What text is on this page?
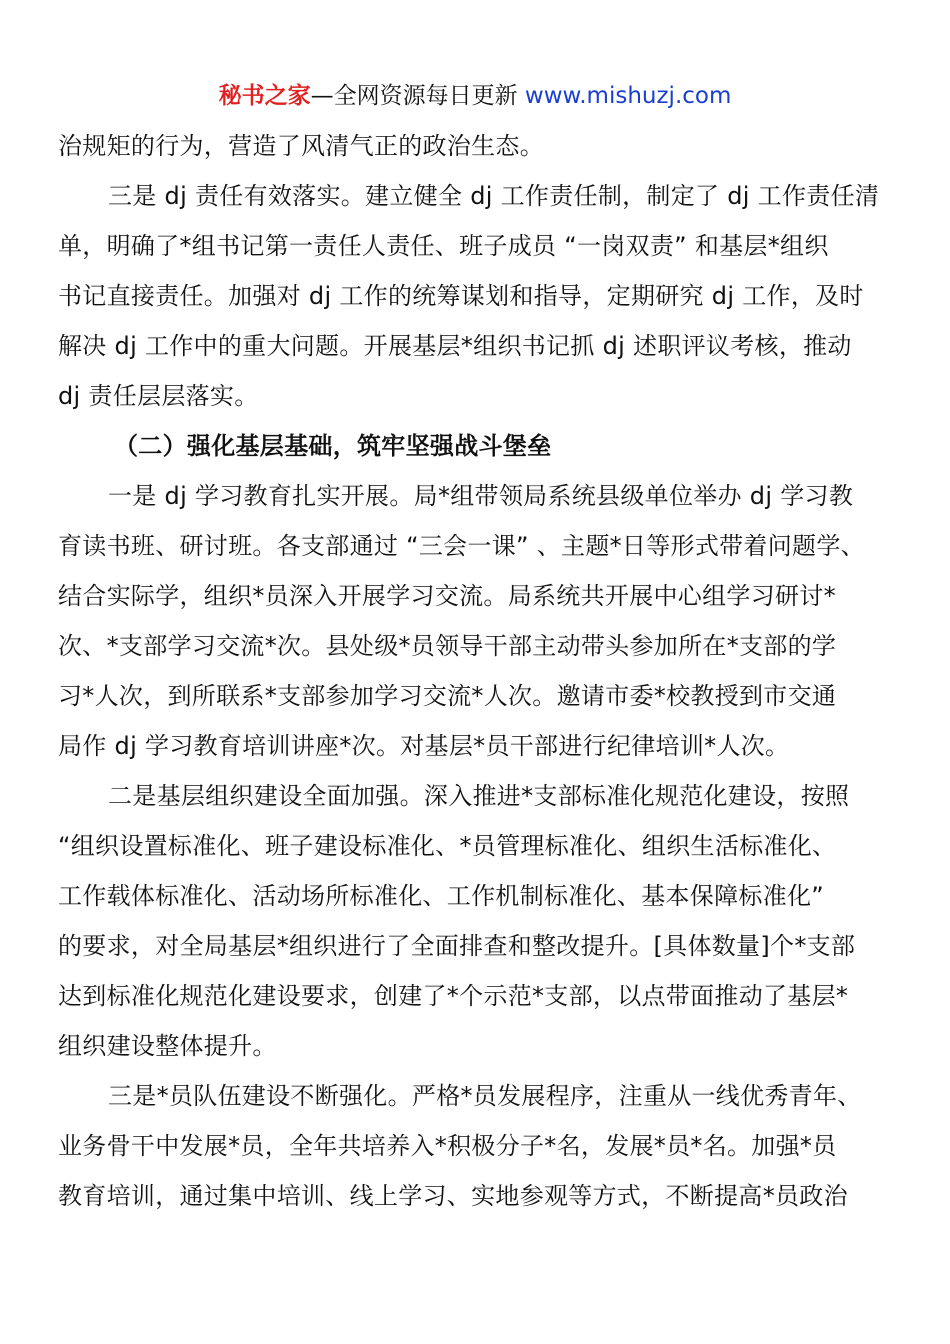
秘书之家—全网资源每日更新 www.mishuzj.com
治规矩的行为，营造了风清气正的政治生态。
三是 dj 责任有效落实。建立健全 dj 工作责任制，制定了 dj 工作责任清
单，明确了*组书记第一责任人责任、班子成员 “一岗双责” 和基层*组织
书记直接责任。加强对 dj 工作的统筹谋划和指导，定期研究 dj 工作，及时
解决 dj 工作中的重大问题。开展基层*组织书记抓 dj 述职评议考核，推动
dj 责任层层落实。
（二）强化基层基础，筑牢坚强战斗堡垒
一是 dj 学习教育扎实开展。局*组带领局系统县级单位举办 dj 学习教
育读书班、研讨班。各支部通过 “三会一课” 、主题*日等形式带着问题学、
结合实际学，组织*员深入开展学习交流。局系统共开展中心组学习研讨*
次、*支部学习交流*次。县处级*员领导干部主动带头参加所在*支部的学
习*人次，到所联系*支部参加学习交流*人次。邀请市委*校教授到市交通
局作 dj 学习教育培训讲座*次。对基层*员干部进行纪律培训*人次。
二是基层组织建设全面加强。深入推进*支部标准化规范化建设，按照
“组织设置标准化、班子建设标准化、*员管理标准化、组织生活标准化、
工作载体标准化、活动场所标准化、工作机制标准化、基本保障标准化”
的要求，对全局基层*组织进行了全面排查和整改提升。[具体数量]个*支部
达到标准化规范化建设要求，创建了*个示范*支部，以点带面推动了基层*
组织建设整体提升。
三是*员队伍建设不断强化。严格*员发展程序，注重从一线优秀青年、
业务骨干中发展*员，全年共培养入*积极分子*名，发展*员*名。加强*员
教育培训，通过集中培训、线上学习、实地参观等方式，不断提高*员政治
